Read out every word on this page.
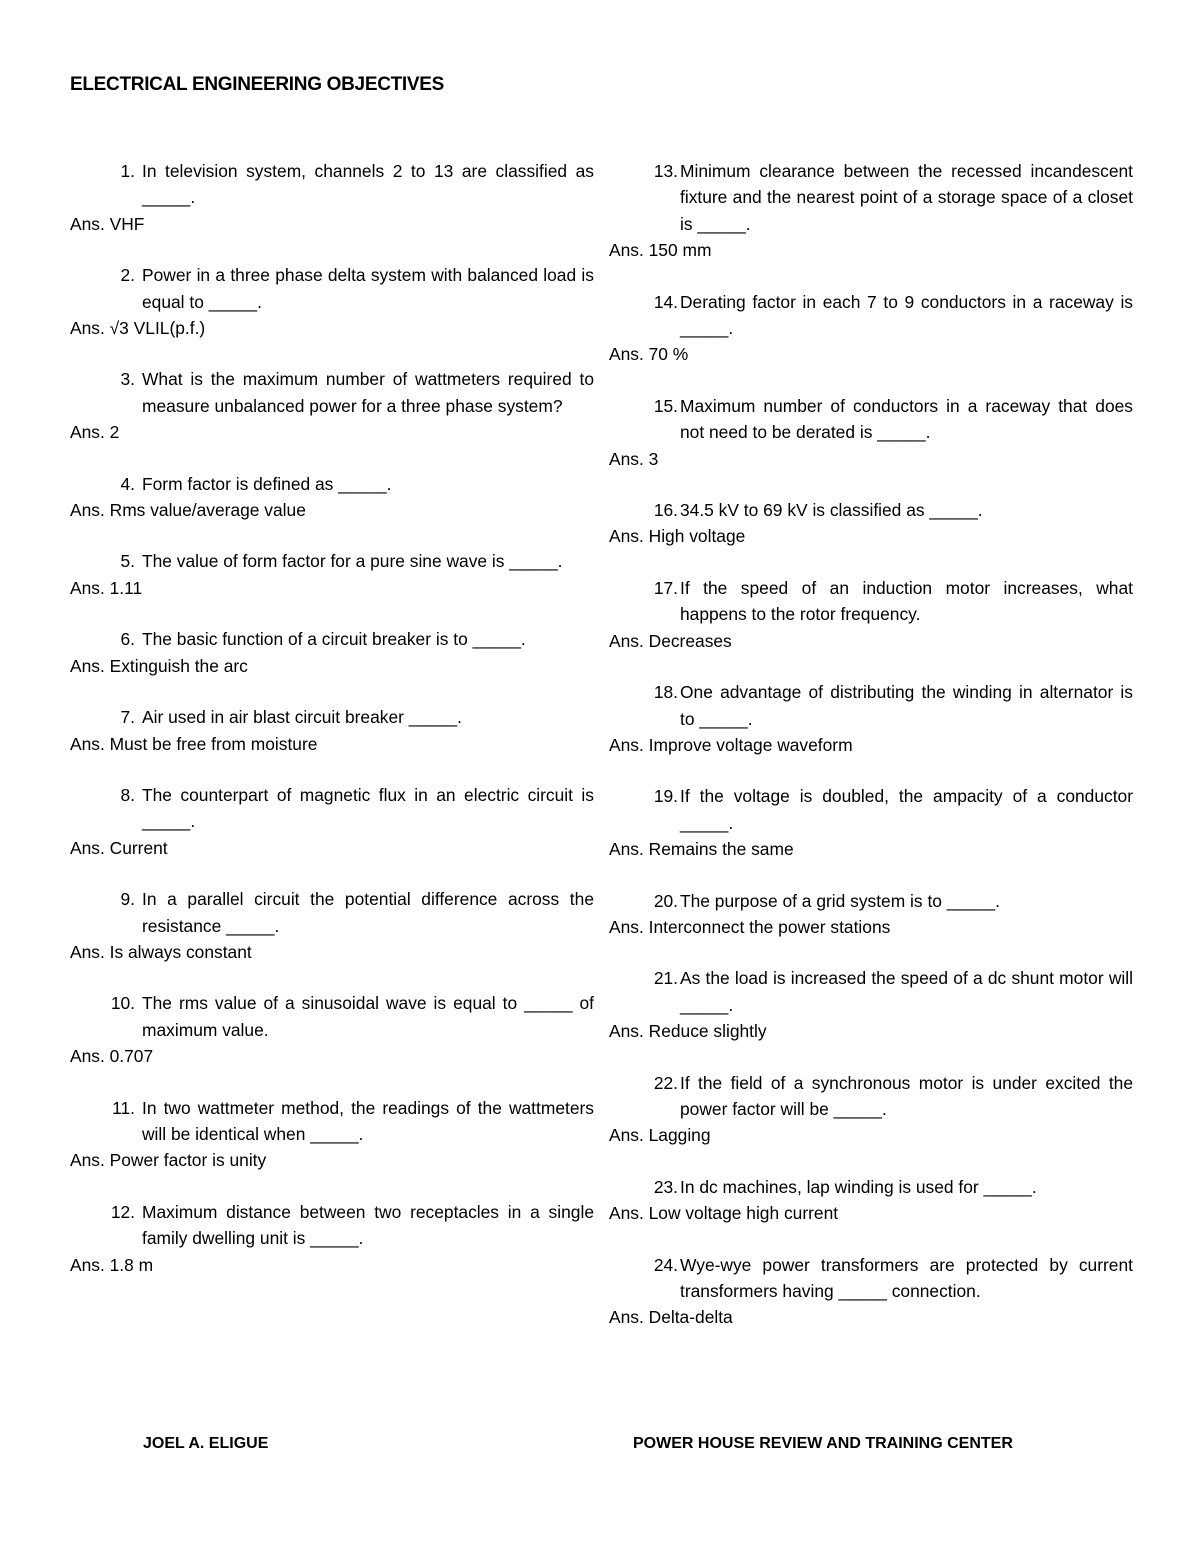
ELECTRICAL ENGINEERING OBJECTIVES
1. In television system, channels 2 to 13 are classified as _____.
Ans. VHF
2. Power in a three phase delta system with balanced load is equal to _____.
Ans. √3 VLIL(p.f.)
3. What is the maximum number of wattmeters required to measure unbalanced power for a three phase system?
Ans. 2
4. Form factor is defined as _____.
Ans. Rms value/average value
5. The value of form factor for a pure sine wave is _____.
Ans. 1.11
6. The basic function of a circuit breaker is to _____.
Ans. Extinguish the arc
7. Air used in air blast circuit breaker _____.
Ans. Must be free from moisture
8. The counterpart of magnetic flux in an electric circuit is _____.
Ans. Current
9. In a parallel circuit the potential difference across the resistance _____.
Ans. Is always constant
10. The rms value of a sinusoidal wave is equal to _____ of maximum value.
Ans. 0.707
11. In two wattmeter method, the readings of the wattmeters will be identical when _____.
Ans. Power factor is unity
12. Maximum distance between two receptacles in a single family dwelling unit is _____.
Ans. 1.8 m
13. Minimum clearance between the recessed incandescent fixture and the nearest point of a storage space of a closet is _____.
Ans. 150 mm
14. Derating factor in each 7 to 9 conductors in a raceway is _____.
Ans. 70 %
15. Maximum number of conductors in a raceway that does not need to be derated is _____.
Ans. 3
16. 34.5 kV to 69 kV is classified as _____.
Ans. High voltage
17. If the speed of an induction motor increases, what happens to the rotor frequency.
Ans. Decreases
18. One advantage of distributing the winding in alternator is to _____.
Ans. Improve voltage waveform
19. If the voltage is doubled, the ampacity of a conductor _____.
Ans. Remains the same
20. The purpose of a grid system is to _____.
Ans. Interconnect the power stations
21. As the load is increased the speed of a dc shunt motor will _____.
Ans. Reduce slightly
22. If the field of a synchronous motor is under excited the power factor will be _____.
Ans. Lagging
23. In dc machines, lap winding is used for _____.
Ans. Low voltage high current
24. Wye-wye power transformers are protected by current transformers having _____ connection.
Ans. Delta-delta
JOEL A. ELIGUE	POWER HOUSE REVIEW AND TRAINING CENTER
